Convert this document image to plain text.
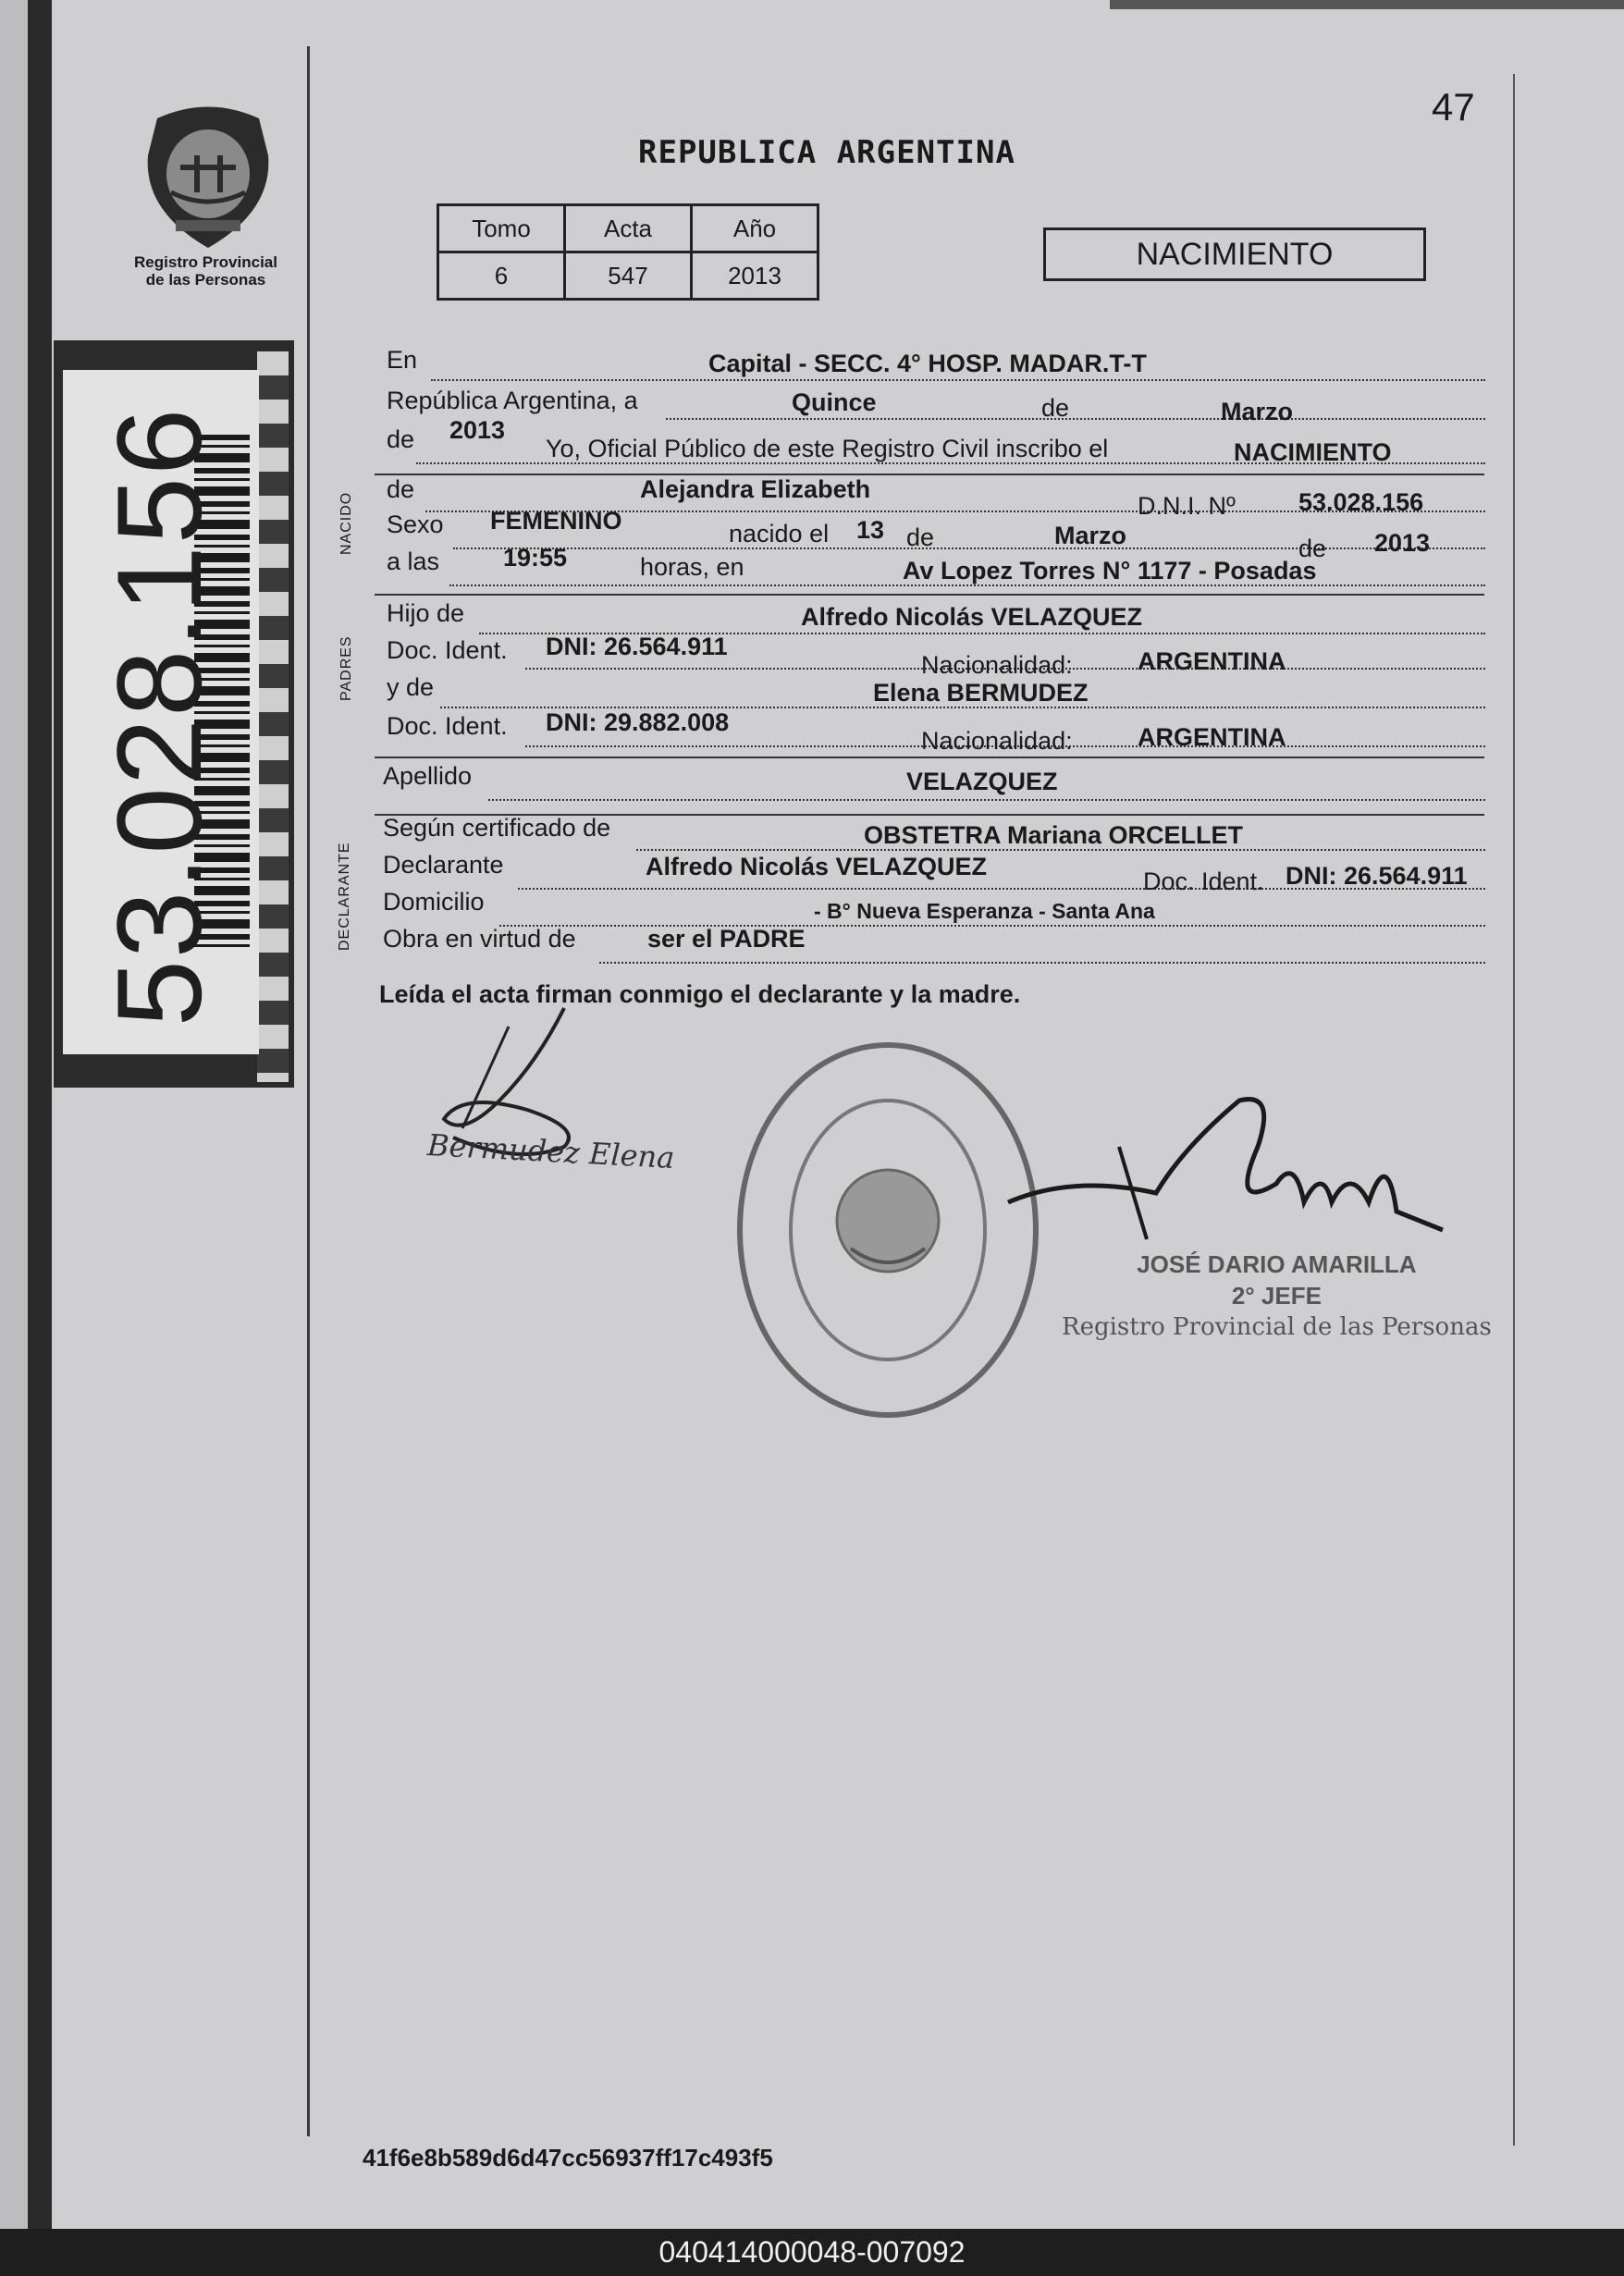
47
Registro Provincial
de las Personas
53.028.156
REPUBLICA ARGENTINA
Tomo	Acta	Año
6	547	2013
NACIMIENTO
En	Capital - SECC. 4° HOSP. MADAR.T-T
República Argentina, a	Quince	de	Marzo
de 2013
Yo, Oficial Público de este Registro Civil inscribo el	NACIMIENTO
NACIDO
de	Alejandra Elizabeth
D.N.I. Nº	53.028.156
Sexo FEMENINO	nacido el 13 de	Marzo	de 2013
a las	19:55	horas, en	Av Lopez Torres N° 1177 - Posadas
PADRES
Hijo de	Alfredo Nicolás VELAZQUEZ
Doc. Ident. DNI: 26.564.911
Nacionalidad:	ARGENTINA
y de	Elena BERMUDEZ
Doc. Ident. DNI: 29.882.008
Nacionalidad:	ARGENTINA
Apellido	VELAZQUEZ
DECLARANTE
Según certificado de	OBSTETRA Mariana ORCELLET
Declarante	Alfredo Nicolás VELAZQUEZ
Doc. Ident. DNI: 26.564.911
Domicilio	- B° Nueva Esperanza - Santa Ana
Obra en virtud de	ser el PADRE
Leída el acta firman conmigo el declarante y la madre.
Bermudez Elena
JOSÉ DARIO AMARILLA
2° JEFE
Registro Provincial de las Personas
41f6e8b589d6d47cc56937ff17c493f5
040414000048-007092
